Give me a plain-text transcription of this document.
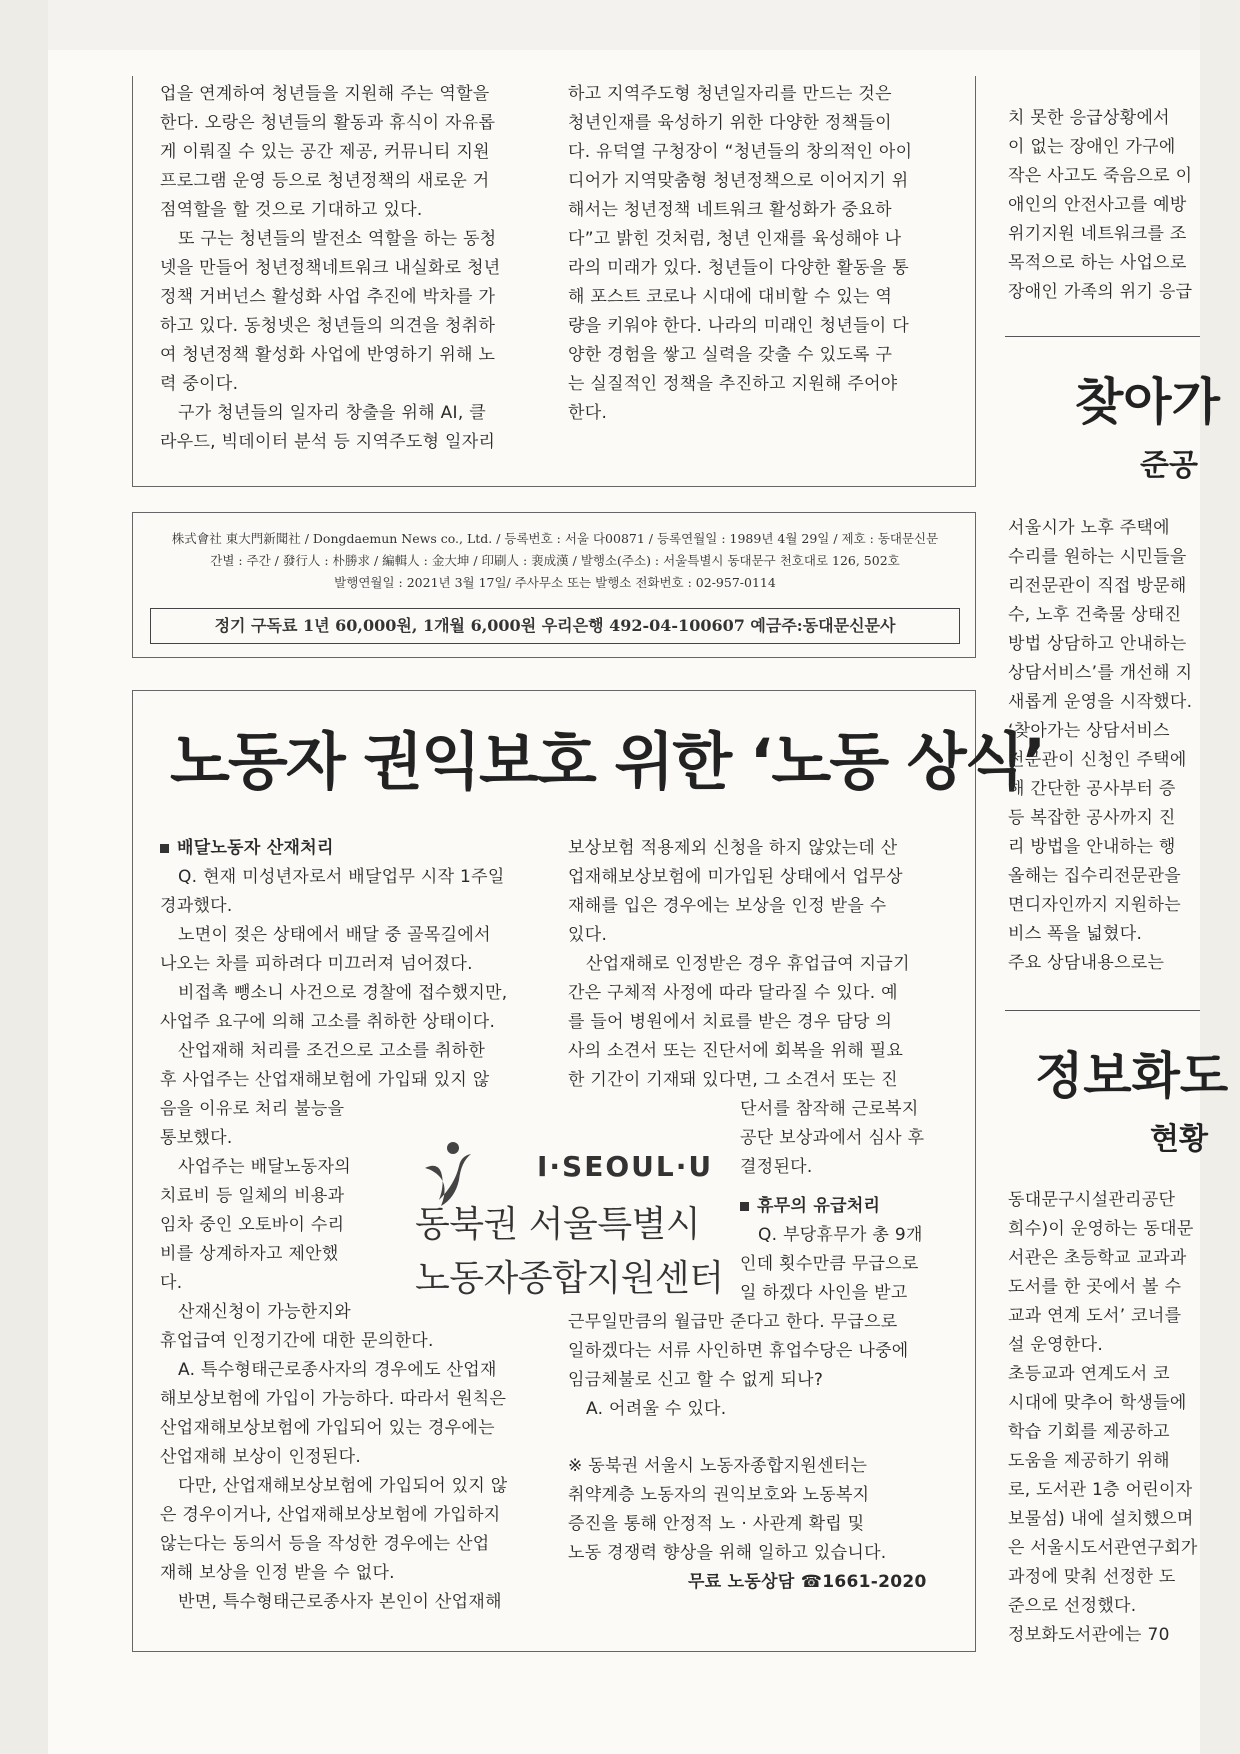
업을 연계하여 청년들을 지원해 주는 역할을
한다. 오랑은 청년들의 활동과 휴식이 자유롭
게 이뤄질 수 있는 공간 제공, 커뮤니티 지원
프로그램 운영 등으로 청년정책의 새로운 거
점역할을 할 것으로 기대하고 있다.
또 구는 청년들의 발전소 역할을 하는 동청
넷을 만들어 청년정책네트워크 내실화로 청년
정책 거버넌스 활성화 사업 추진에 박차를 가
하고 있다. 동청넷은 청년들의 의견을 청취하
여 청년정책 활성화 사업에 반영하기 위해 노
력 중이다.
구가 청년들의 일자리 창출을 위해 AI, 클
라우드, 빅데이터 분석 등 지역주도형 일자리
하고 지역주도형 청년일자리를 만드는 것은
청년인재를 육성하기 위한 다양한 정책들이
다. 유덕열 구청장이 “청년들의 창의적인 아이
디어가 지역맞춤형 청년정책으로 이어지기 위
해서는 청년정책 네트워크 활성화가 중요하
다”고 밝힌 것처럼, 청년 인재를 육성해야 나
라의 미래가 있다. 청년들이 다양한 활동을 통
해 포스트 코로나 시대에 대비할 수 있는 역
량을 키워야 한다. 나라의 미래인 청년들이 다
양한 경험을 쌓고 실력을 갖출 수 있도록 구
는 실질적인 정책을 추진하고 지원해 주어야
한다.
株式會社 東大門新聞社 / Dongdaemun News co., Ltd. / 등록번호 : 서울 다00871 / 등록연월일 : 1989년 4월 29일 / 제호 : 동대문신문
간별 : 주간 / 發行人 : 朴勝求 / 編輯人 : 金大坤 / 印刷人 : 裵成漢 / 발행소(주소) : 서울특별시 동대문구 천호대로 126, 502호
발행연월일 : 2021년 3월 17일/ 주사무소 또는 발행소 전화번호 : 02-957-0114
정기 구독료 1년 60,000원, 1개월 6,000원 우리은행 492-04-100607 예금주:동대문신문사
노동자 권익보호 위한 ‘노동 상식’
배달노동자 산재처리
Q. 현재 미성년자로서 배달업무 시작 1주일
경과했다.
노면이 젖은 상태에서 배달 중 골목길에서
나오는 차를 피하려다 미끄러져 넘어졌다.
비접촉 뺑소니 사건으로 경찰에 접수했지만,
사업주 요구에 의해 고소를 취하한 상태이다.
산업재해 처리를 조건으로 고소를 취하한
후 사업주는 산업재해보험에 가입돼 있지 않
음을 이유로 처리 불능을
통보했다.
사업주는 배달노동자의
치료비 등 일체의 비용과
임차 중인 오토바이 수리
비를 상계하자고 제안했
다.
산재신청이 가능한지와
휴업급여 인정기간에 대한 문의한다.
A. 특수형태근로종사자의 경우에도 산업재
해보상보험에 가입이 가능하다. 따라서 원칙은
산업재해보상보험에 가입되어 있는 경우에는
산업재해 보상이 인정된다.
다만, 산업재해보상보험에 가입되어 있지 않
은 경우이거나, 산업재해보상보험에 가입하지
않는다는 동의서 등을 작성한 경우에는 산업
재해 보상을 인정 받을 수 없다.
반면, 특수형태근로종사자 본인이 산업재해
보상보험 적용제외 신청을 하지 않았는데 산
업재해보상보험에 미가입된 상태에서 업무상
재해를 입은 경우에는 보상을 인정 받을 수
있다.
산업재해로 인정받은 경우 휴업급여 지급기
간은 구체적 사정에 따라 달라질 수 있다. 예
를 들어 병원에서 치료를 받은 경우 담당 의
사의 소견서 또는 진단서에 회복을 위해 필요
한 기간이 기재돼 있다면, 그 소견서 또는 진
단서를 참작해 근로복지
공단 보상과에서 심사 후
결정된다.
휴무의 유급처리
Q. 부당휴무가 총 9개
인데 횟수만큼 무급으로
일 하겠다 사인을 받고
근무일만큼의 월급만 준다고 한다. 무급으로
일하겠다는 서류 사인하면 휴업수당은 나중에
임금체불로 신고 할 수 없게 되나?
A. 어려울 수 있다.
※ 동북권 서울시 노동자종합지원센터는
취약계층 노동자의 권익보호와 노동복지
증진을 통해 안정적 노 · 사관계 확립 및
노동 경쟁력 향상을 위해 일하고 있습니다.
무료 노동상담 ☎1661-2020
I·SEOUL·U
동북권 서울특별시
노동자종합지원센터
치 못한 응급상황에서
이 없는 장애인 가구에
작은 사고도 죽음으로 이
애인의 안전사고를 예방
위기지원 네트워크를 조
목적으로 하는 사업으로
장애인 가족의 위기 응급
찾아가
준공
서울시가 노후 주택에
수리를 원하는 시민들을
리전문관이 직접 방문해
수, 노후 건축물 상태진
방법 상담하고 안내하는
상담서비스’를 개선해 지
새롭게 운영을 시작했다.
‘찾아가는 상담서비스
전문관이 신청인 주택에
해 간단한 공사부터 증
등 복잡한 공사까지 진
리 방법을 안내하는 행
올해는 집수리전문관을
면디자인까지 지원하는
비스 폭을 넓혔다.
주요 상담내용으로는
정보화도
현황
동대문구시설관리공단
희수)이 운영하는 동대문
서관은 초등학교 교과과
도서를 한 곳에서 볼 수
교과 연계 도서’ 코너를
설 운영한다.
초등교과 연계도서 코
시대에 맞추어 학생들에
학습 기회를 제공하고
도움을 제공하기 위해
로, 도서관 1층 어린이자
보물섬) 내에 설치했으며
은 서울시도서관연구회가
과정에 맞춰 선정한 도
준으로 선정했다.
정보화도서관에는 70
